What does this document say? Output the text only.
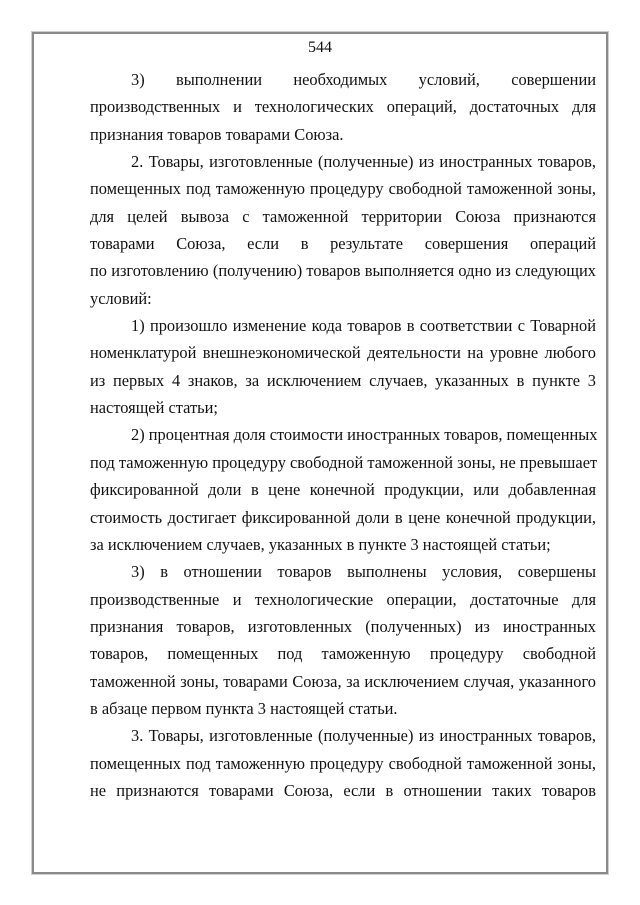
544
3) выполнении необходимых условий, совершении
производственных и технологических операций, достаточных для
признания товаров товарами Союза.
2. Товары, изготовленные (полученные) из иностранных товаров,
помещенных под таможенную процедуру свободной таможенной зоны,
для целей вывоза с таможенной территории Союза признаются
товарами Союза, если в результате совершения операций
по изготовлению (получению) товаров выполняется одно из следующих
условий:
1) произошло изменение кода товаров в соответствии с Товарной
номенклатурой внешнеэкономической деятельности на уровне любого
из первых 4 знаков, за исключением случаев, указанных в пункте 3
настоящей статьи;
2) процентная доля стоимости иностранных товаров, помещенных
под таможенную процедуру свободной таможенной зоны, не превышает
фиксированной доли в цене конечной продукции, или добавленная
стоимость достигает фиксированной доли в цене конечной продукции,
за исключением случаев, указанных в пункте 3 настоящей статьи;
3) в отношении товаров выполнены условия, совершены
производственные и технологические операции, достаточные для
признания товаров, изготовленных (полученных) из иностранных
товаров, помещенных под таможенную процедуру свободной
таможенной зоны, товарами Союза, за исключением случая, указанного
в абзаце первом пункта 3 настоящей статьи.
3. Товары, изготовленные (полученные) из иностранных товаров,
помещенных под таможенную процедуру свободной таможенной зоны,
не признаются товарами Союза, если в отношении таких товаров
